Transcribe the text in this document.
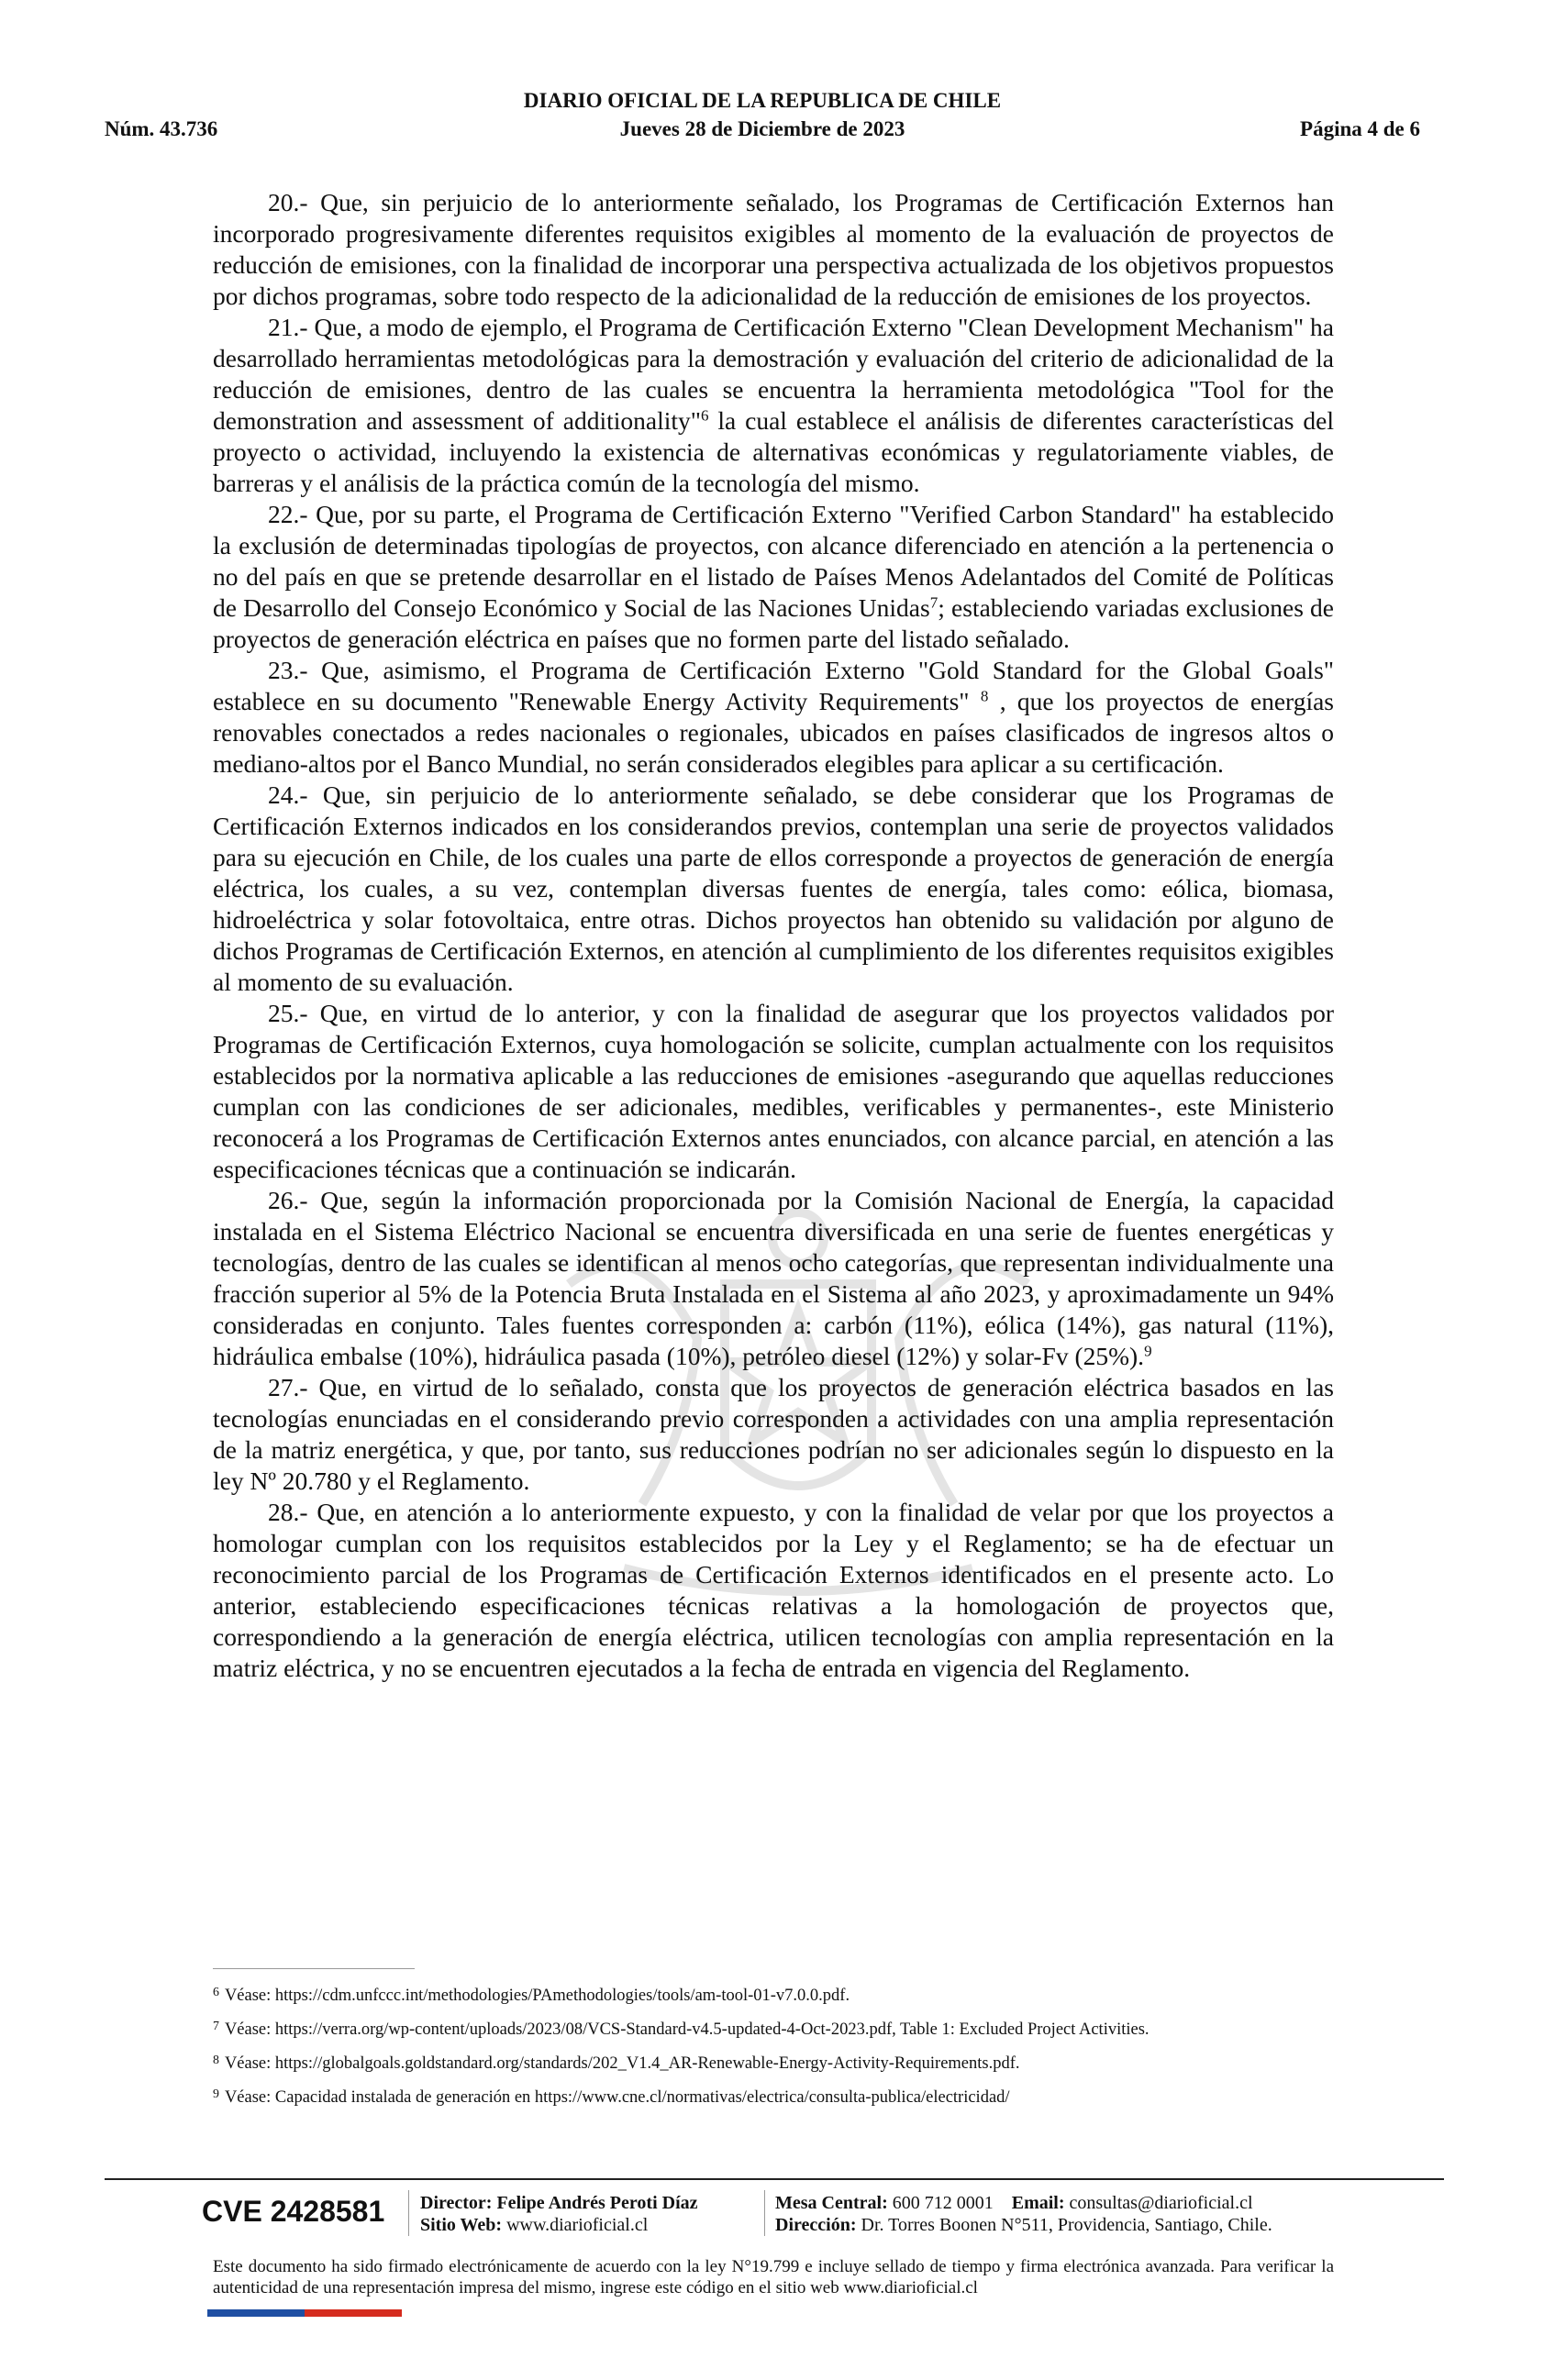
DIARIO OFICIAL DE LA REPUBLICA DE CHILE
Núm. 43.736	Jueves 28 de Diciembre de 2023	Página 4 de 6

20.- Que, sin perjuicio de lo anteriormente señalado, los Programas de Certificación Externos han incorporado progresivamente diferentes requisitos exigibles al momento de la evaluación de proyectos de reducción de emisiones, con la finalidad de incorporar una perspectiva actualizada de los objetivos propuestos por dichos programas, sobre todo respecto de la adicionalidad de la reducción de emisiones de los proyectos.

21.- Que, a modo de ejemplo, el Programa de Certificación Externo "Clean Development Mechanism" ha desarrollado herramientas metodológicas para la demostración y evaluación del criterio de adicionalidad de la reducción de emisiones, dentro de las cuales se encuentra la herramienta metodológica "Tool for the demonstration and assessment of additionality"$^6$ la cual establece el análisis de diferentes características del proyecto o actividad, incluyendo la existencia de alternativas económicas y regulatoriamente viables, de barreras y el análisis de la práctica común de la tecnología del mismo.

22.- Que, por su parte, el Programa de Certificación Externo "Verified Carbon Standard" ha establecido la exclusión de determinadas tipologías de proyectos, con alcance diferenciado en atención a la pertenencia o no del país en que se pretende desarrollar en el listado de Países Menos Adelantados del Comité de Políticas de Desarrollo del Consejo Económico y Social de las Naciones Unidas$^7$; estableciendo variadas exclusiones de proyectos de generación eléctrica en países que no formen parte del listado señalado.

23.- Que, asimismo, el Programa de Certificación Externo "Gold Standard for the Global Goals" establece en su documento "Renewable Energy Activity Requirements" $^8$ , que los proyectos de energías renovables conectados a redes nacionales o regionales, ubicados en países clasificados de ingresos altos o mediano-altos por el Banco Mundial, no serán considerados elegibles para aplicar a su certificación.

24.- Que, sin perjuicio de lo anteriormente señalado, se debe considerar que los Programas de Certificación Externos indicados en los considerandos previos, contemplan una serie de proyectos validados para su ejecución en Chile, de los cuales una parte de ellos corresponde a proyectos de generación de energía eléctrica, los cuales, a su vez, contemplan diversas fuentes de energía, tales como: eólica, biomasa, hidroeléctrica y solar fotovoltaica, entre otras. Dichos proyectos han obtenido su validación por alguno de dichos Programas de Certificación Externos, en atención al cumplimiento de los diferentes requisitos exigibles al momento de su evaluación.

25.- Que, en virtud de lo anterior, y con la finalidad de asegurar que los proyectos validados por Programas de Certificación Externos, cuya homologación se solicite, cumplan actualmente con los requisitos establecidos por la normativa aplicable a las reducciones de emisiones -asegurando que aquellas reducciones cumplan con las condiciones de ser adicionales, medibles, verificables y permanentes-, este Ministerio reconocerá a los Programas de Certificación Externos antes enunciados, con alcance parcial, en atención a las especificaciones técnicas que a continuación se indicarán.

26.- Que, según la información proporcionada por la Comisión Nacional de Energía, la capacidad instalada en el Sistema Eléctrico Nacional se encuentra diversificada en una serie de fuentes energéticas y tecnologías, dentro de las cuales se identifican al menos ocho categorías, que representan individualmente una fracción superior al 5% de la Potencia Bruta Instalada en el Sistema al año 2023, y aproximadamente un 94% consideradas en conjunto. Tales fuentes corresponden a: carbón (11%), eólica (14%), gas natural (11%), hidráulica embalse (10%), hidráulica pasada (10%), petróleo diesel (12%) y solar-Fv (25%).$^9$

27.- Que, en virtud de lo señalado, consta que los proyectos de generación eléctrica basados en las tecnologías enunciadas en el considerando previo corresponden a actividades con una amplia representación de la matriz energética, y que, por tanto, sus reducciones podrían no ser adicionales según lo dispuesto en la ley Nº 20.780 y el Reglamento.

28.- Que, en atención a lo anteriormente expuesto, y con la finalidad de velar por que los proyectos a homologar cumplan con los requisitos establecidos por la Ley y el Reglamento; se ha de efectuar un reconocimiento parcial de los Programas de Certificación Externos identificados en el presente acto. Lo anterior, estableciendo especificaciones técnicas relativas a la homologación de proyectos que, correspondiendo a la generación de energía eléctrica, utilicen tecnologías con amplia representación en la matriz eléctrica, y no se encuentren ejecutados a la fecha de entrada en vigencia del Reglamento.

$^6$ Véase: https://cdm.unfccc.int/methodologies/PAmethodologies/tools/am-tool-01-v7.0.0.pdf.

$^7$ Véase: https://verra.org/wp-content/uploads/2023/08/VCS-Standard-v4.5-updated-4-Oct-2023.pdf, Table 1: Excluded Project Activities.

$^8$ Véase: https://globalgoals.goldstandard.org/standards/202_V1.4_AR-Renewable-Energy-Activity-Requirements.pdf.

$^9$ Véase: Capacidad instalada de generación en https://www.cne.cl/normativas/electrica/consulta-publica/electricidad/

CVE 2428581 Director: Felipe Andrés Peroti Díaz
Sitio Web: www.diarioficial.cl
Mesa Central: 600 712 0001 Email: consultas@diarioficial.cl
Dirección: Dr. Torres Boonen N°511, Providencia, Santiago, Chile.
Este documento ha sido firmado electrónicamente de acuerdo con la ley N°19.799 e incluye sellado de tiempo y firma electrónica avanzada. Para verificar la autenticidad de una representación impresa del mismo, ingrese este código en el sitio web www.diarioficial.cl
